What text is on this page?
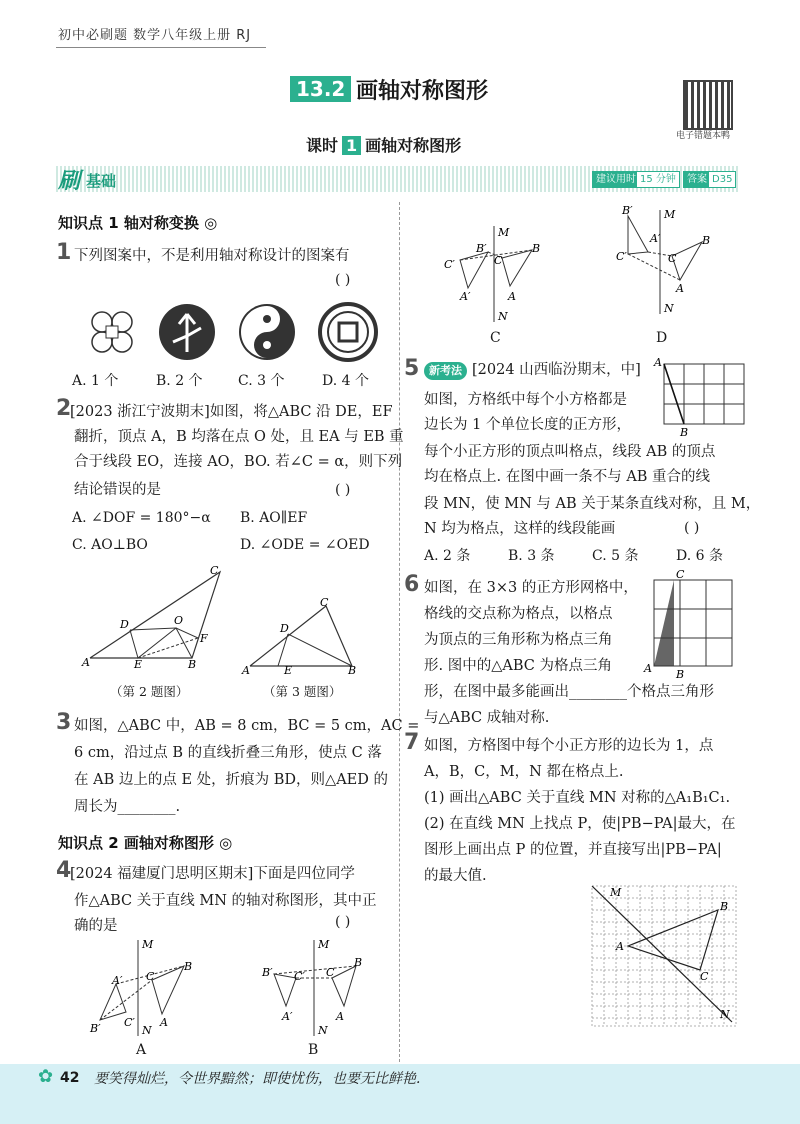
初中必刷题 数学八年级上册 RJ
13.2 画轴对称图形
电子错题本鸭
课时 1 画轴对称图形
刷 基础	建议用时 15 分钟	答案 D35
知识点 1 轴对称变换 ◎
1 下列图案中，不是利用轴对称设计的图案有
( )
A. 1 个	B. 2 个	C. 3 个	D. 4 个
2
[2023 浙江宁波期末]如图，将△ABC 沿 DE，EF
翻折，顶点 A，B 均落在点 O 处，且 EA 与 EB 重
合于线段 EO，连接 AO，BO. 若∠C = α，则下列
结论错误的是	( )
A. ∠DOF = 180°−α B. AO∥EF
C. AO⊥BO	D. ∠ODE = ∠OED
A	E	B
C
D	O
F
A	E	B
C
D
（第 2 题图）	（第 3 题图）
3 如图，△ABC 中，AB = 8 cm，BC = 5 cm，AC =
6 cm，沿过点 B 的直线折叠三角形，使点 C 落
在 AB 边上的点 E 处，折痕为 BD，则△AED 的
周长为________.
知识点 2 画轴对称图形 ◎
4
[2024 福建厦门思明区期末]下面是四位同学
作△ABC 关于直线 MN 的轴对称图形，其中正
确的是	( )
M
N
C
B
A
A′
B′ C′
M
N
C
B
A
B′ C′
A′
A	B
M
N
C
B
A
C′
B′
A′
C
M
N
B′
A′
C′
B
A
C
D
5 新考法 [2024 山西临汾期末，中]
如图，方格纸中每个小方格都是
边长为 1 个单位长度的正方形，
每个小正方形的顶点叫格点，线段 AB 的顶点
均在格点上. 在图中画一条不与 AB 重合的线
段 MN，使 MN 与 AB 关于某条直线对称，且 M，
N 均为格点，这样的线段能画	( )
A
B
A. 2 条	B. 3 条	C. 5 条	D. 6 条
6 如图，在 3×3 的正方形网格中，
格线的交点称为格点，以格点
为顶点的三角形称为格点三角
形. 图中的△ABC 为格点三角
形，在图中最多能画出________个格点三角形
与△ABC 成轴对称.
C
A B
7 如图，方格图中每个小正方形的边长为 1，点
A，B，C，M，N 都在格点上.
(1) 画出△ABC 关于直线 MN 对称的△A₁B₁C₁.
(2) 在直线 MN 上找点 P，使|PB−PA|最大，在
图形上画出点 P 的位置，并直接写出|PB−PA|
的最大值.
M
N
A
B
C
✿ 42 要笑得灿烂，令世界黯然；即使忧伤，也要无比鲜艳.
